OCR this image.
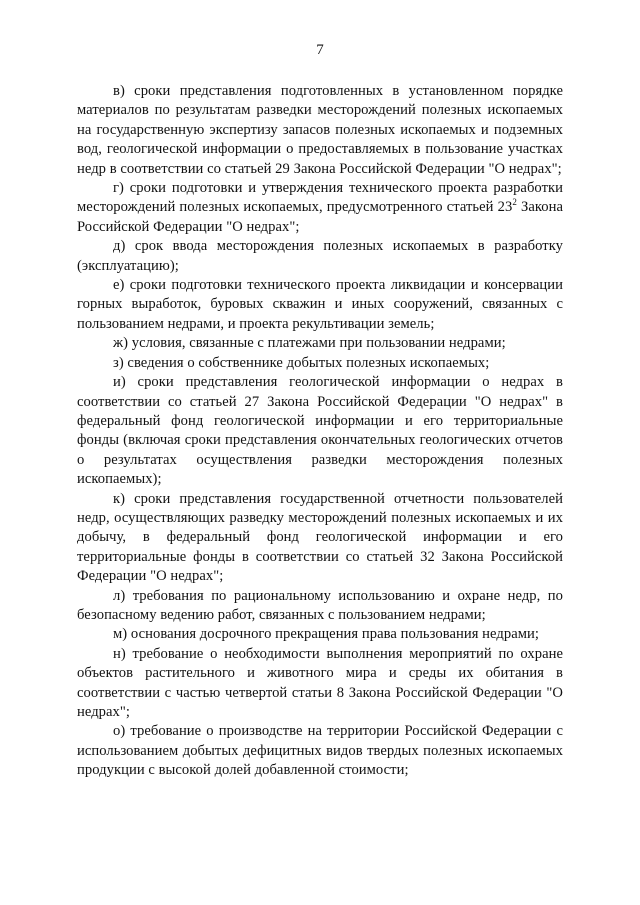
7

в) сроки представления подготовленных в установленном порядке материалов по результатам разведки месторождений полезных ископаемых на государственную экспертизу запасов полезных ископаемых и подземных вод, геологической информации о предоставляемых в пользование участках недр в соответствии со статьей 29 Закона Российской Федерации "О недрах";

г) сроки подготовки и утверждения технического проекта разработки месторождений полезных ископаемых, предусмотренного статьей $23^2$ Закона Российской Федерации "О недрах";

д) срок ввода месторождения полезных ископаемых в разработку (эксплуатацию);

е) сроки подготовки технического проекта ликвидации и консервации горных выработок, буровых скважин и иных сооружений, связанных с пользованием недрами, и проекта рекультивации земель;

ж) условия, связанные с платежами при пользовании недрами;

з) сведения о собственнике добытых полезных ископаемых;

и) сроки представления геологической информации о недрах в соответствии со статьей 27 Закона Российской Федерации "О недрах" в федеральный фонд геологической информации и его территориальные фонды (включая сроки представления окончательных геологических отчетов о результатах осуществления разведки месторождения полезных ископаемых);

к) сроки представления государственной отчетности пользователей недр, осуществляющих разведку месторождений полезных ископаемых и их добычу, в федеральный фонд геологической информации и его территориальные фонды в соответствии со статьей 32 Закона Российской Федерации "О недрах";

л) требования по рациональному использованию и охране недр, по безопасному ведению работ, связанных с пользованием недрами;

м) основания досрочного прекращения права пользования недрами;

н) требование о необходимости выполнения мероприятий по охране объектов растительного и животного мира и среды их обитания в соответствии с частью четвертой статьи 8 Закона Российской Федерации "О недрах";

о) требование о производстве на территории Российской Федерации с использованием добытых дефицитных видов твердых полезных ископаемых продукции с высокой долей добавленной стоимости;
